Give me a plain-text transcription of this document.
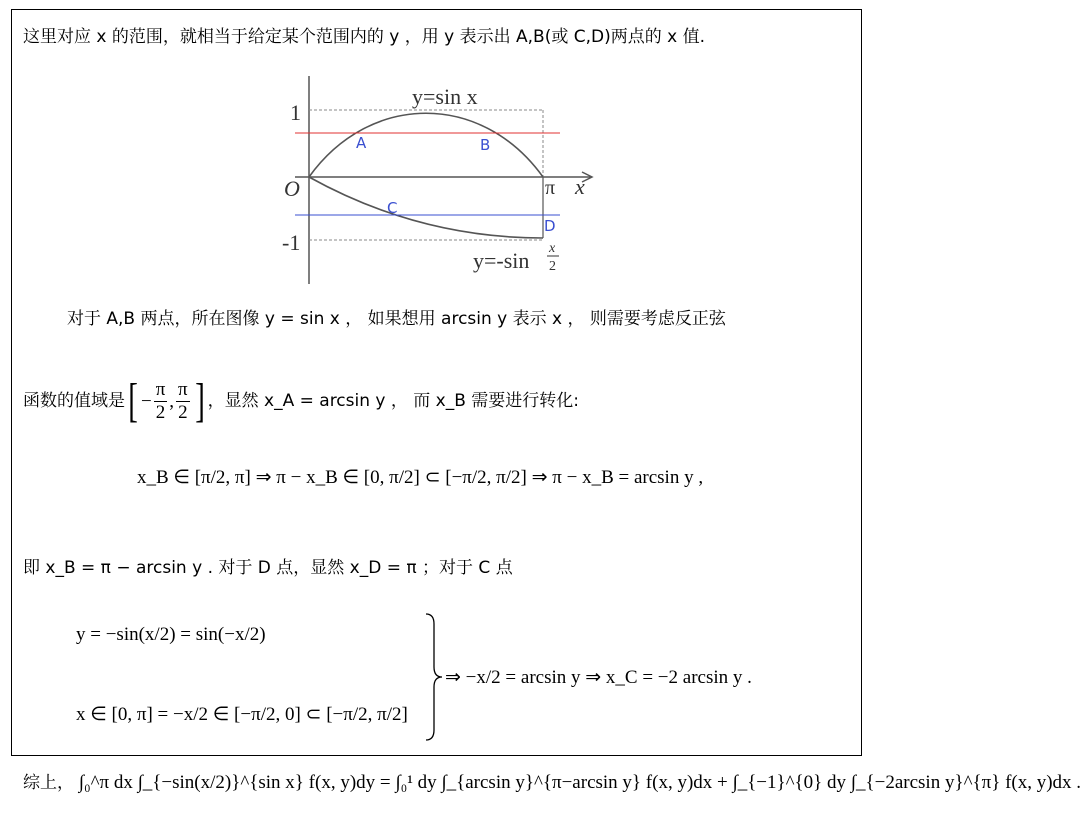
这里对应 x 的范围，就相当于给定某个范围内的 y ，用 y 表示出 A,B(或 C,D)两点的 x 值.
1
-1
O	π x
y=sin x
y=-sin x
2
A	B
C
D
对于 A,B 两点，所在图像 y = sin x ， 如果想用 arcsin y 表示 x ， 则需要考虑反正弦
函数的值域是 [ − $\frac{\pi}{2}$ , $\frac{\pi}{2}$ ] ，显然 x_A = arcsin y ， 而 x_B 需要进行转化:
x_B ∈ [π/2, π] ⇒ π − x_B ∈ [0, π/2] ⊂ [−π/2, π/2] ⇒ π − x_B = arcsin y ,
即 x_B = π − arcsin y . 对于 D 点，显然 x_D = π ；对于 C 点
y = −sin(x/2) = sin(−x/2)
x ∈ [0, π] = −x/2 ∈ [−π/2, 0] ⊂ [−π/2, π/2]
⇒ −x/2 = arcsin y ⇒ x_C = −2 arcsin y .
综上， ∫₀^π dx ∫_{−sin(x/2)}^{sin x} f(x, y)dy = ∫₀¹ dy ∫_{arcsin y}^{π−arcsin y} f(x, y)dx + ∫_{−1}^{0} dy ∫_{−2arcsin y}^{π} f(x, y)dx .
